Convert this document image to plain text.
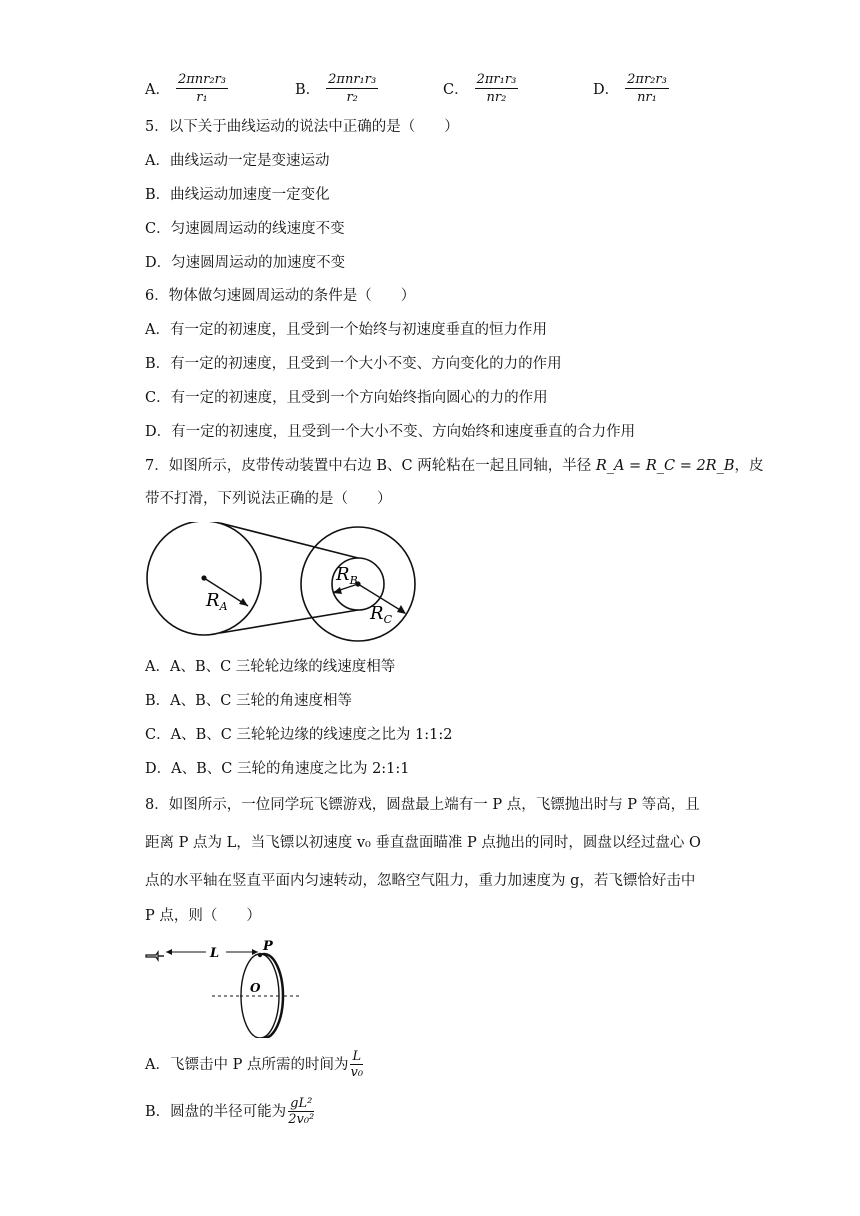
A． $\frac{\text{2πnr₂r₃}}{\text{r₁}}$	B． $\frac{\text{2πnr₁r₃}}{\text{r₂}}$	C． $\frac{\text{2πr₁r₃}}{\text{nr₂}}$	D． $\frac{\text{2πr₂r₃}}{\text{nr₁}}$
5．以下关于曲线运动的说法中正确的是（　　）
A．曲线运动一定是变速运动
B．曲线运动加速度一定变化
C．匀速圆周运动的线速度不变
D．匀速圆周运动的加速度不变
6．物体做匀速圆周运动的条件是（　　）
A．有一定的初速度，且受到一个始终与初速度垂直的恒力作用
B．有一定的初速度，且受到一个大小不变、方向变化的力的作用
C．有一定的初速度，且受到一个方向始终指向圆心的力的作用
D．有一定的初速度，且受到一个大小不变、方向始终和速度垂直的合力作用
7．如图所示，皮带传动装置中右边 B、C 两轮粘在一起且同轴，半径 R_A = R_C = 2R_B，皮
带不打滑，下列说法正确的是（　　）
$R_A$
$R_B$
$R_C$
A．A、B、C 三轮轮边缘的线速度相等
B．A、B、C 三轮的角速度相等
C．A、B、C 三轮轮边缘的线速度之比为 1:1:2
D．A、B、C 三轮的角速度之比为 2:1:1
8．如图所示，一位同学玩飞镖游戏，圆盘最上端有一 P 点，飞镖抛出时与 P 等高，且
距离 P 点为 L，当飞镖以初速度 v₀ 垂直盘面瞄准 P 点抛出的同时，圆盘以经过盘心 O
点的水平轴在竖直平面内匀速转动，忽略空气阻力，重力加速度为 g，若飞镖恰好击中
P 点，则（　　）
L	P
O
A．飞镖击中 P 点所需的时间为 $\frac{L}{\text{v₀}}$
B．圆盘的半径可能为 $\frac{\text{gL²}}{\text{2v₀²}}$
